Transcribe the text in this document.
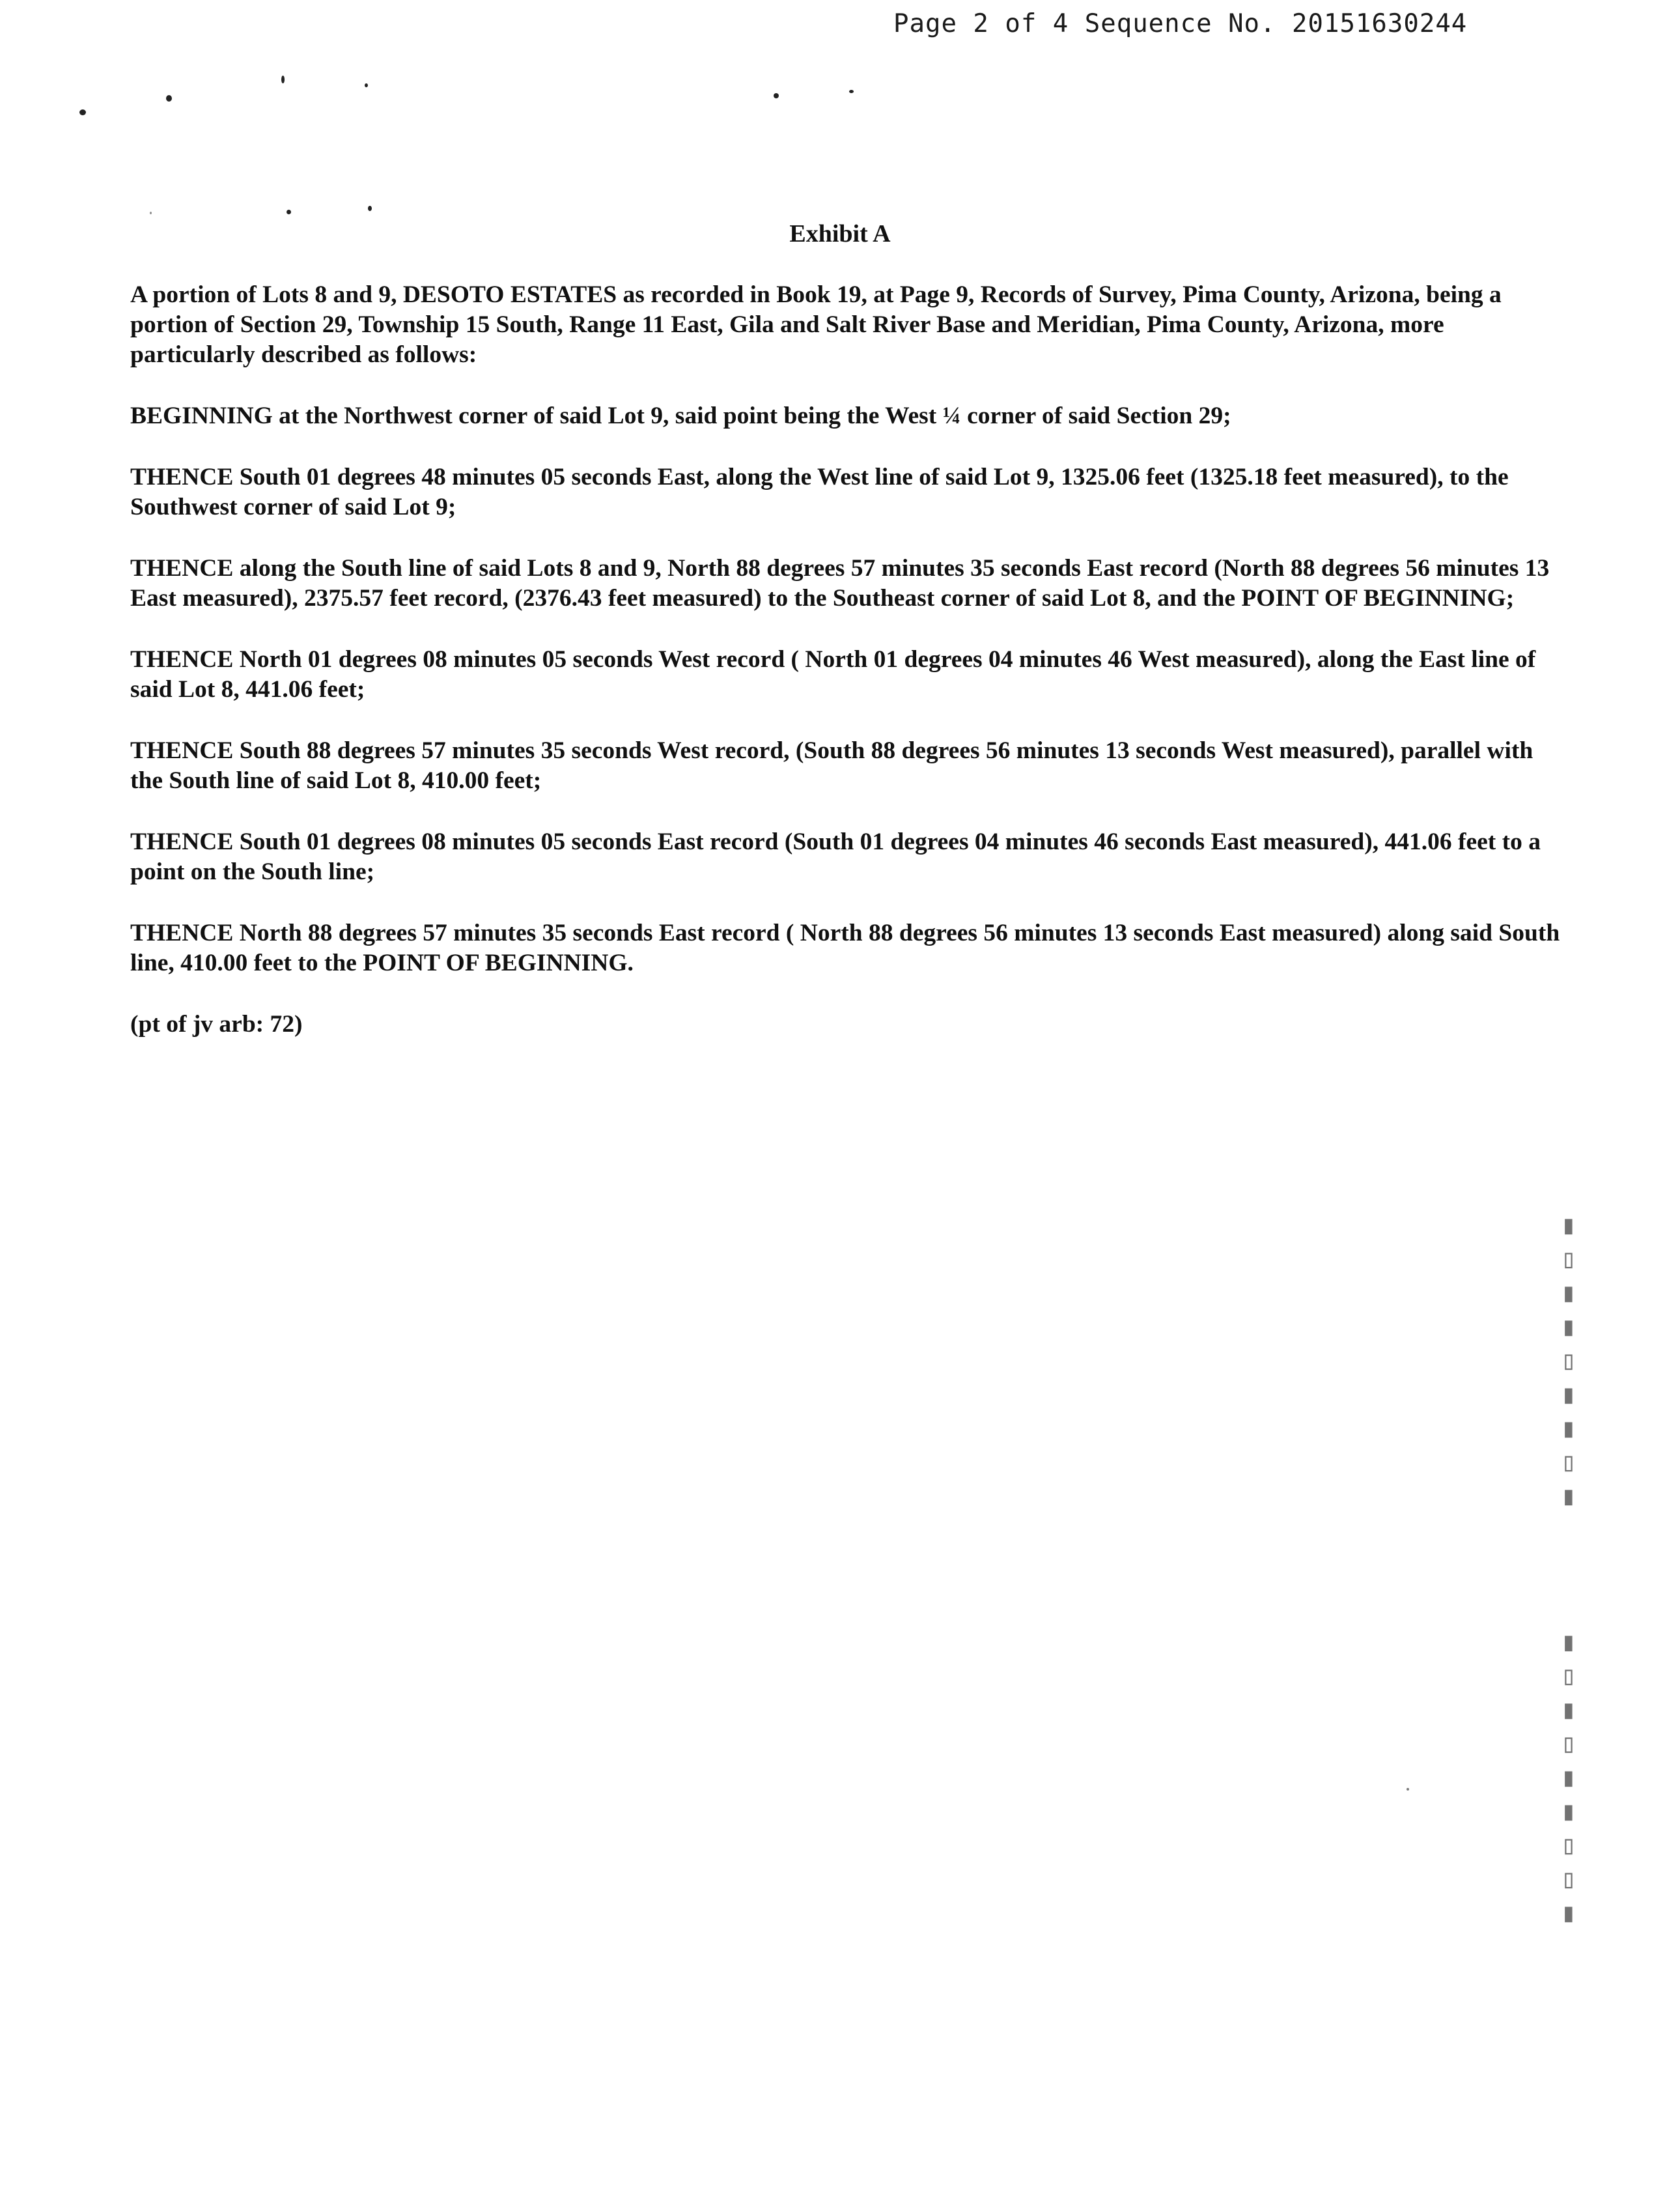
Page 2 of 4 Sequence No. 20151630244
Exhibit A

A portion of Lots 8 and 9, DESOTO ESTATES as recorded in Book 19, at Page 9, Records of Survey, Pima County, Arizona, being a portion of Section 29, Township 15 South, Range 11 East, Gila and Salt River Base and Meridian, Pima County, Arizona, more particularly described as follows:

BEGINNING at the Northwest corner of said Lot 9, said point being the West ¼ corner of said Section 29;

THENCE South 01 degrees 48 minutes 05 seconds East, along the West line of said Lot 9, 1325.06 feet (1325.18 feet measured), to the Southwest corner of said Lot 9;

THENCE along the South line of said Lots 8 and 9, North 88 degrees 57 minutes 35 seconds East record (North 88 degrees 56 minutes 13 East measured), 2375.57 feet record, (2376.43 feet measured) to the Southeast corner of said Lot 8, and the POINT OF BEGINNING;

THENCE North 01 degrees 08 minutes 05 seconds West record ( North 01 degrees 04 minutes 46 West measured), along the East line of said Lot 8, 441.06 feet;

THENCE South 88 degrees 57 minutes 35 seconds West record, (South 88 degrees 56 minutes 13 seconds West measured), parallel with the South line of said Lot 8, 410.00 feet;

THENCE South 01 degrees 08 minutes 05 seconds East record (South 01 degrees 04 minutes 46 seconds East measured), 441.06 feet to a point on the South line;

THENCE North 88 degrees 57 minutes 35 seconds East record ( North 88 degrees 56 minutes 13 seconds East measured) along said South line, 410.00 feet to the POINT OF BEGINNING.

(pt of jv arb: 72)

▮▯▮▮▯▮▮▯▮
▮▯▯▮▮▯▮▯▮
